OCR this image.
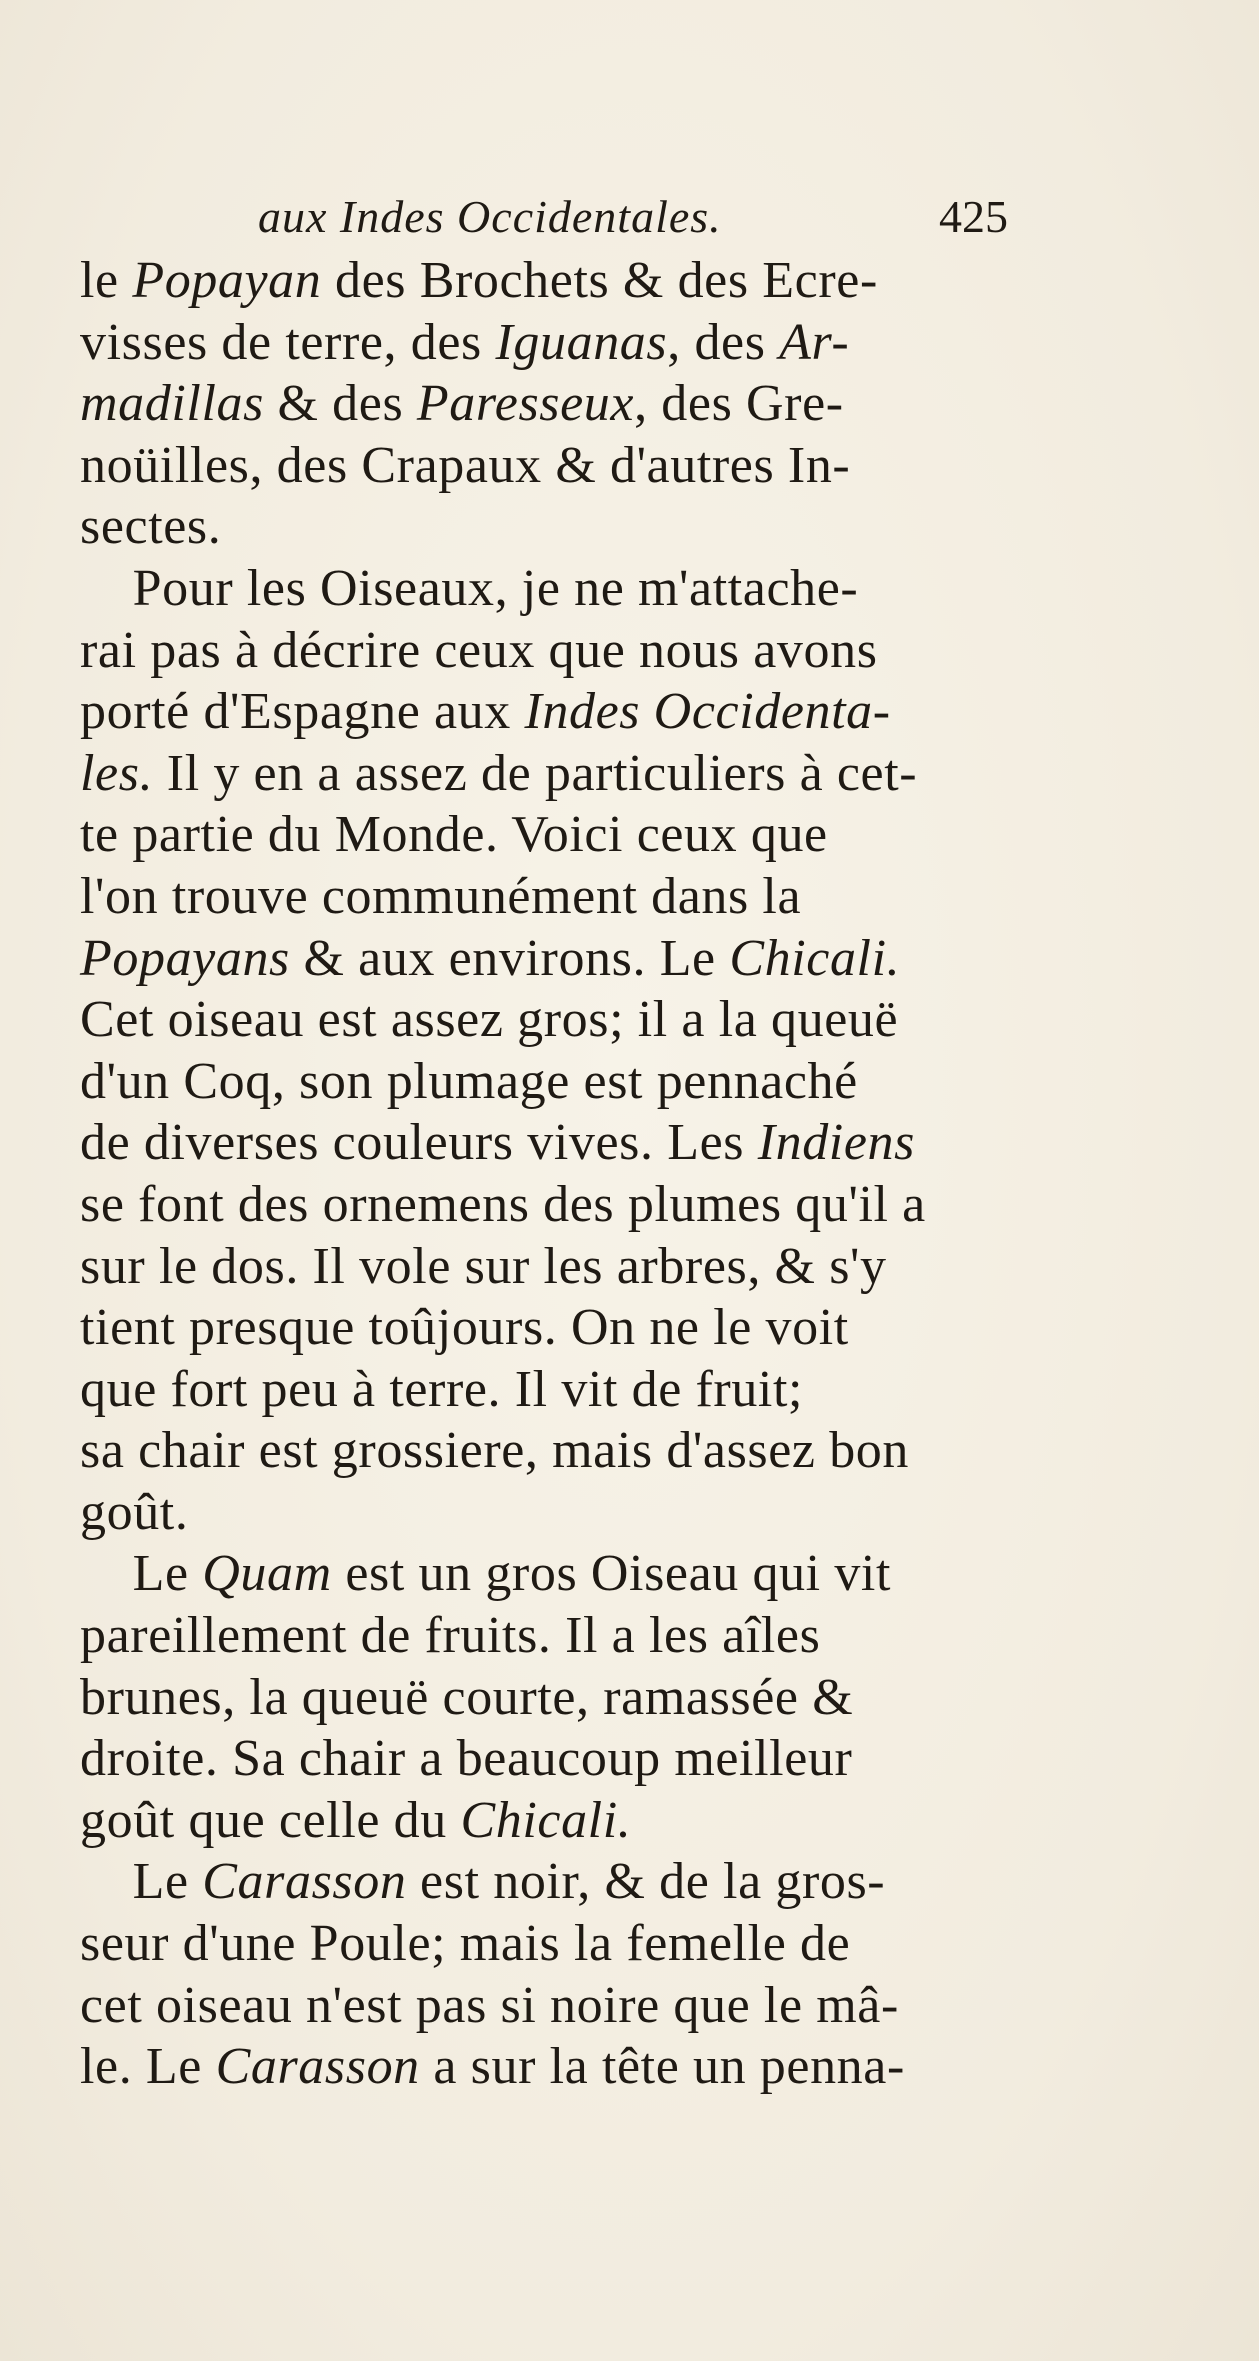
aux Indes Occidentales.	425
le Popayan des Brochets & des Ecre-
visses de terre, des Iguanas, des Ar-
madillas & des Paresseux, des Gre-
noüilles, des Crapaux & d'autres In-
sectes.
 Pour les Oiseaux, je ne m'attache-
rai pas à décrire ceux que nous avons
porté d'Espagne aux Indes Occidenta-
les. Il y en a assez de particuliers à cet-
te partie du Monde. Voici ceux que
l'on trouve communément dans la
Popayans & aux environs. Le Chicali.
Cet oiseau est assez gros; il a la queuë
d'un Coq, son plumage est pennaché
de diverses couleurs vives. Les Indiens
se font des ornemens des plumes qu'il a
sur le dos. Il vole sur les arbres, & s'y
tient presque toûjours. On ne le voit
que fort peu à terre. Il vit de fruit;
sa chair est grossiere, mais d'assez bon
goût.
 Le Quam est un gros Oiseau qui vit
pareillement de fruits. Il a les aîles
brunes, la queuë courte, ramassée &
droite. Sa chair a beaucoup meilleur
goût que celle du Chicali.
 Le Carasson est noir, & de la gros-
seur d'une Poule; mais la femelle de
cet oiseau n'est pas si noire que le mâ-
le. Le Carasson a sur la tête un penna-
